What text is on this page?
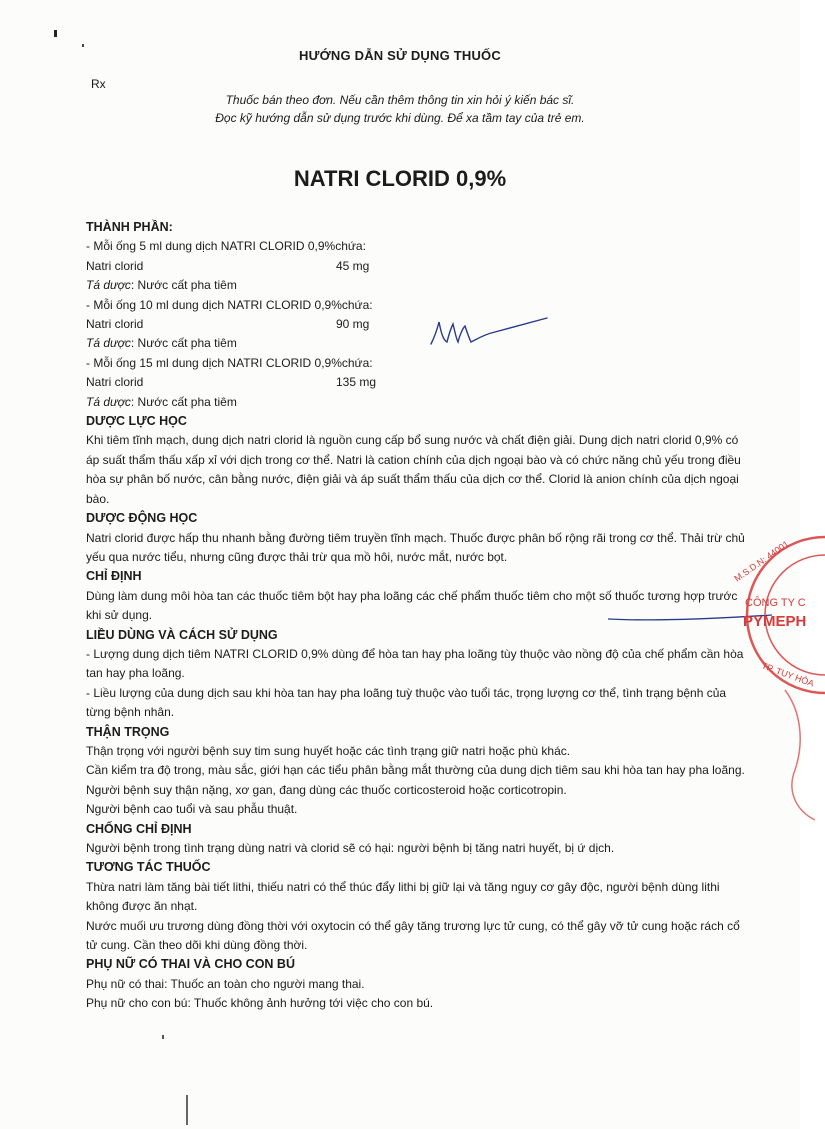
HƯỚNG DẪN SỬ DỤNG THUỐC
Rx
Thuốc bán theo đơn. Nếu cần thêm thông tin xin hỏi ý kiến bác sĩ.
Đọc kỹ hướng dẫn sử dụng trước khi dùng. Để xa tầm tay của trẻ em.
NATRI CLORID 0,9%
THÀNH PHẦN:

- Mỗi ống 5 ml dung dịch NATRI CLORID 0,9%chứa:

Natri clorid	45 mg

Tá dược: Nước cất pha tiêm

- Mỗi ống 10 ml dung dịch NATRI CLORID 0,9%chứa:

Natri clorid	90 mg

Tá dược: Nước cất pha tiêm

- Mỗi ống 15 ml dung dịch NATRI CLORID 0,9%chứa:

Natri clorid	135 mg

Tá dược: Nước cất pha tiêm

DƯỢC LỰC HỌC

Khi tiêm tĩnh mạch, dung dịch natri clorid là nguồn cung cấp bổ sung nước và chất điện giải. Dung dịch natri clorid 0,9% có áp suất thẩm thấu xấp xỉ với dịch trong cơ thể. Natri là cation chính của dịch ngoại bào và có chức năng chủ yếu trong điều hòa sự phân bố nước, cân bằng nước, điện giải và áp suất thẩm thấu của dịch cơ thể. Clorid là anion chính của dịch ngoại bào.

DƯỢC ĐỘNG HỌC

Natri clorid được hấp thu nhanh bằng đường tiêm truyền tĩnh mạch. Thuốc được phân bố rộng rãi trong cơ thể. Thải trừ chủ yếu qua nước tiểu, nhưng cũng được thải trừ qua mồ hôi, nước mắt, nước bọt.

CHỈ ĐỊNH

Dùng làm dung môi hòa tan các thuốc tiêm bột hay pha loãng các chế phẩm thuốc tiêm cho một số thuốc tương hợp trước khi sử dụng.

LIỀU DÙNG VÀ CÁCH SỬ DỤNG

- Lượng dung dịch tiêm NATRI CLORID 0,9% dùng để hòa tan hay pha loãng tùy thuộc vào nồng độ của chế phẩm cần hòa tan hay pha loãng.

- Liều lượng của dung dịch sau khi hòa tan hay pha loãng tuỳ thuộc vào tuổi tác, trọng lượng cơ thể, tình trạng bệnh của từng bệnh nhân.

THẬN TRỌNG

Thận trọng với người bệnh suy tim sung huyết hoặc các tình trạng giữ natri hoặc phù khác.

Cần kiểm tra độ trong, màu sắc, giới hạn các tiểu phân bằng mắt thường của dung dịch tiêm sau khi hòa tan hay pha loãng.

Người bệnh suy thận nặng, xơ gan, đang dùng các thuốc corticosteroid hoặc corticotropin.

Người bệnh cao tuổi và sau phẫu thuật.

CHỐNG CHỈ ĐỊNH

Người bệnh trong tình trạng dùng natri và clorid sẽ có hại: người bệnh bị tăng natri huyết, bị ứ dịch.

TƯƠNG TÁC THUỐC

Thừa natri làm tăng bài tiết lithi, thiếu natri có thể thúc đẩy lithi bị giữ lại và tăng nguy cơ gây độc, người bệnh dùng lithi không được ăn nhạt.

Nước muối ưu trương dùng đồng thời với oxytocin có thể gây tăng trương lực tử cung, có thể gây vỡ tử cung hoặc rách cổ tử cung. Cần theo dõi khi dùng đồng thời.

PHỤ NỮ CÓ THAI VÀ CHO CON BÚ

Phụ nữ có thai: Thuốc an toàn cho người mang thai.

Phụ nữ cho con bú: Thuốc không ảnh hưởng tới việc cho con bú.

M.S.D.N: 44001
CÔNG TY C
PYMEPH
TP. TUY HÒA
